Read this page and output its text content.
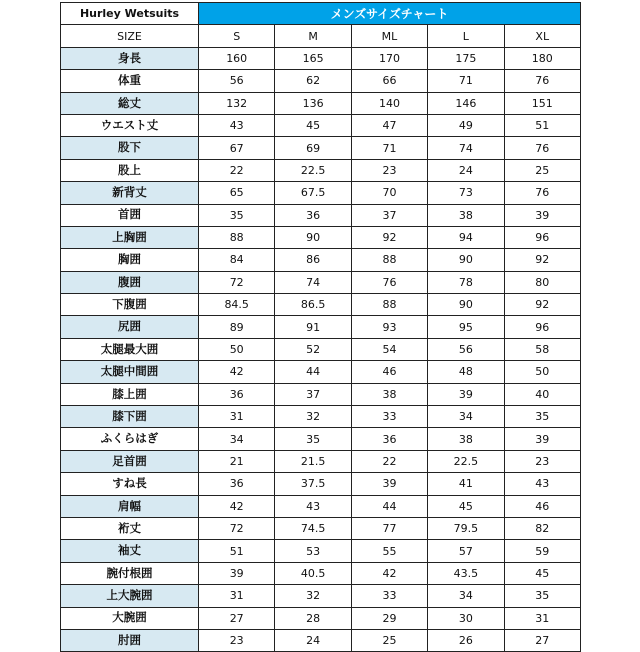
Hurley Wetsuits	メンズサイズチャート				
SIZE	S	M	ML	L	XL
身長	160	165	170	175	180
体重	56	62	66	71	76
総丈	132	136	140	146	151
ウエスト丈	43	45	47	49	51
股下	67	69	71	74	76
股上	22	22.5	23	24	25
新背丈	65	67.5	70	73	76
首囲	35	36	37	38	39
上胸囲	88	90	92	94	96
胸囲	84	86	88	90	92
腹囲	72	74	76	78	80
下腹囲	84.5	86.5	88	90	92
尻囲	89	91	93	95	96
太腿最大囲	50	52	54	56	58
太腿中間囲	42	44	46	48	50
膝上囲	36	37	38	39	40
膝下囲	31	32	33	34	35
ふくらはぎ	34	35	36	38	39
足首囲	21	21.5	22	22.5	23
すね長	36	37.5	39	41	43
肩幅	42	43	44	45	46
裄丈	72	74.5	77	79.5	82
袖丈	51	53	55	57	59
腕付根囲	39	40.5	42	43.5	45
上大腕囲	31	32	33	34	35
大腕囲	27	28	29	30	31
肘囲	23	24	25	26	27
